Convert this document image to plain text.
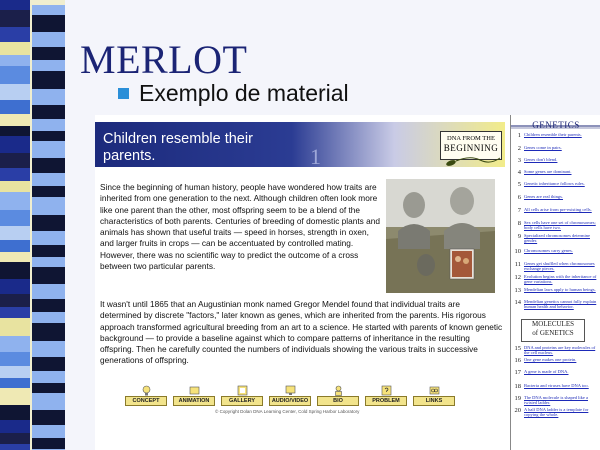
MERLOT
Exemplo de material
Children resemble their
parents.	1
DNA FROM THE
BEGINNING

Since the beginning of human history, people have wondered how traits are inherited from one generation to the next. Although children often look more like one parent than the other, most offspring seem to be a blend of the characteristics of both parents. Centuries of breeding of domestic plants and animals has shown that useful traits — speed in horses, strength in oxen, and larger fruits in crops — can be accentuated by controlled mating. However, there was no scientific way to predict the outcome of a cross between two particular parents.

It wasn't until 1865 that an Augustinian monk named Gregor Mendel found that individual traits are determined by discrete "factors," later known as genes, which are inherited from the parents. His rigorous approach transformed agricultural breeding from an art to a science. He started with parents of known genetic background — to provide a baseline against which to compare patterns of inheritance in the resulting offspring. Then he carefully counted the numbers of individuals showing the various traits in successive generations of offspring.

CONCEPT	ANIMATION	GALLERY	AUDIO/VIDEO	BIO	PROBLEM	LINKS
© Copyright Dolan DNA Learning Center, Cold Spring Harbor Laboratory
GENETICS
MOLECULES
of GENETICS
1 Children resemble their parents.
2 Genes come in pairs.
3 Genes don't blend.
4 Some genes are dominant.
5 Genetic inheritance follows rules.
6 Genes are real things.
7 All cells arise from pre-existing cells.
8 Sex cells have one set of chromosomes; body cells have two.
9 Specialized chromosomes determine gender.
10 Chromosomes carry genes.
11 Genes get shuffled when chromosomes exchange pieces.
12 Evolution begins with the inheritance of gene variations.
13 Mendelian laws apply to human beings.
14 Mendelian genetics cannot fully explain human health and behavior.
15 DNA and proteins are key molecules of the cell nucleus.
16 One gene makes one protein.
17 A gene is made of DNA.
18 Bacteria and viruses have DNA too.
19 The DNA molecule is shaped like a twisted ladder.
20 A half DNA ladder is a template for copying the whole.
